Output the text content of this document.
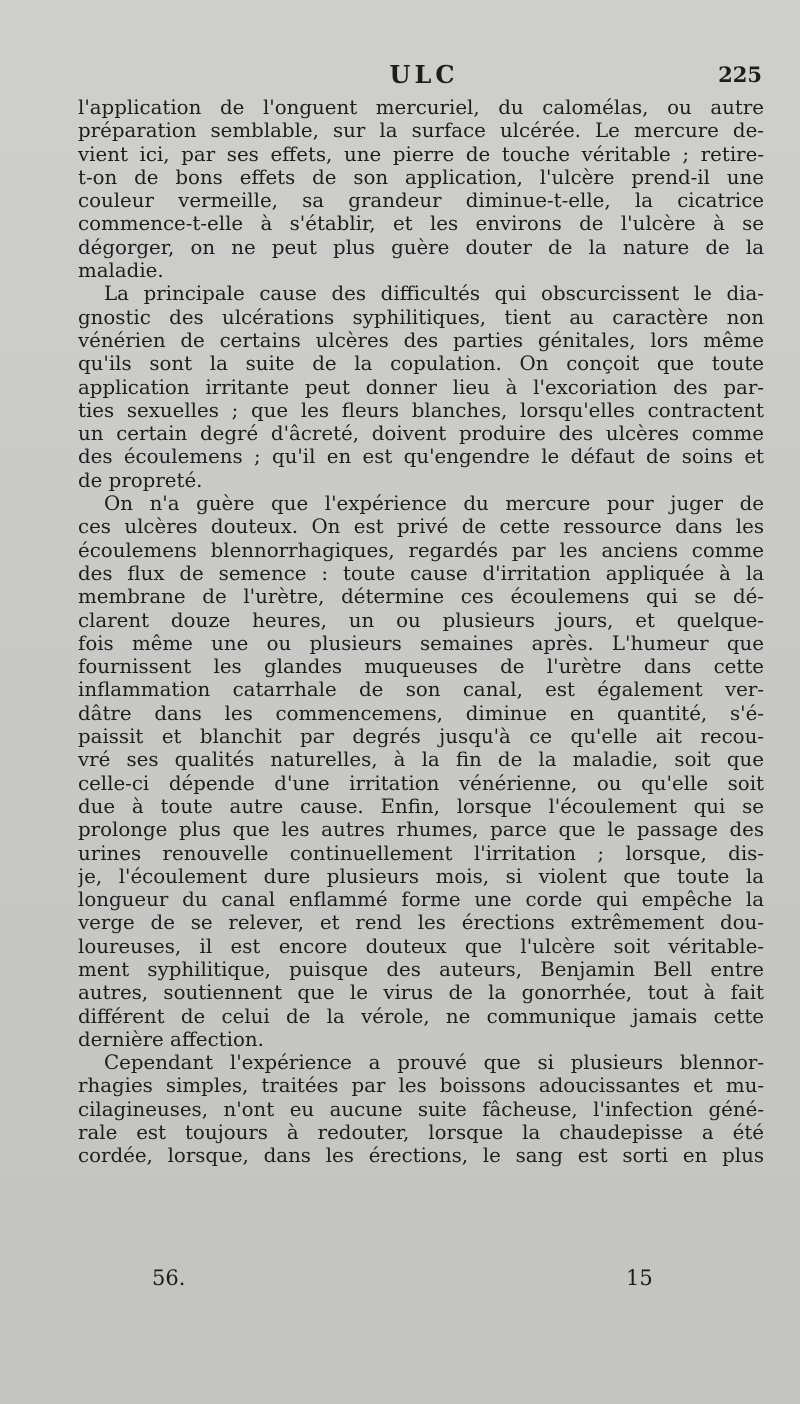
ULC	225
l'application de l'onguent mercuriel, du calomélas, ou autre
préparation semblable, sur la surface ulcérée. Le mercure de-
vient ici, par ses effets, une pierre de touche véritable ; retire-
t-on de bons effets de son application, l'ulcère prend-il une
couleur vermeille, sa grandeur diminue-t-elle, la cicatrice
commence-t-elle à s'établir, et les environs de l'ulcère à se
dégorger, on ne peut plus guère douter de la nature de la
maladie.
La principale cause des difficultés qui obscurcissent le dia-
gnostic des ulcérations syphilitiques, tient au caractère non
vénérien de certains ulcères des parties génitales, lors même
qu'ils sont la suite de la copulation. On conçoit que toute
application irritante peut donner lieu à l'excoriation des par-
ties sexuelles ; que les fleurs blanches, lorsqu'elles contractent
un certain degré d'âcreté, doivent produire des ulcères comme
des écoulemens ; qu'il en est qu'engendre le défaut de soins et
de propreté.
On n'a guère que l'expérience du mercure pour juger de
ces ulcères douteux. On est privé de cette ressource dans les
écoulemens blennorrhagiques, regardés par les anciens comme
des flux de semence : toute cause d'irritation appliquée à la
membrane de l'urètre, détermine ces écoulemens qui se dé-
clarent douze heures, un ou plusieurs jours, et quelque-
fois même une ou plusieurs semaines après. L'humeur que
fournissent les glandes muqueuses de l'urètre dans cette
inflammation catarrhale de son canal, est également ver-
dâtre dans les commencemens, diminue en quantité, s'é-
paissit et blanchit par degrés jusqu'à ce qu'elle ait recou-
vré ses qualités naturelles, à la fin de la maladie, soit que
celle-ci dépende d'une irritation vénérienne, ou qu'elle soit
due à toute autre cause. Enfin, lorsque l'écoulement qui se
prolonge plus que les autres rhumes, parce que le passage des
urines renouvelle continuellement l'irritation ; lorsque, dis-
je, l'écoulement dure plusieurs mois, si violent que toute la
longueur du canal enflammé forme une corde qui empêche la
verge de se relever, et rend les érections extrêmement dou-
loureuses, il est encore douteux que l'ulcère soit véritable-
ment syphilitique, puisque des auteurs, Benjamin Bell entre
autres, soutiennent que le virus de la gonorrhée, tout à fait
différent de celui de la vérole, ne communique jamais cette
dernière affection.
Cependant l'expérience a prouvé que si plusieurs blennor-
rhagies simples, traitées par les boissons adoucissantes et mu-
cilagineuses, n'ont eu aucune suite fâcheuse, l'infection géné-
rale est toujours à redouter, lorsque la chaudepisse a été
cordée, lorsque, dans les érections, le sang est sorti en plus
56.	15
